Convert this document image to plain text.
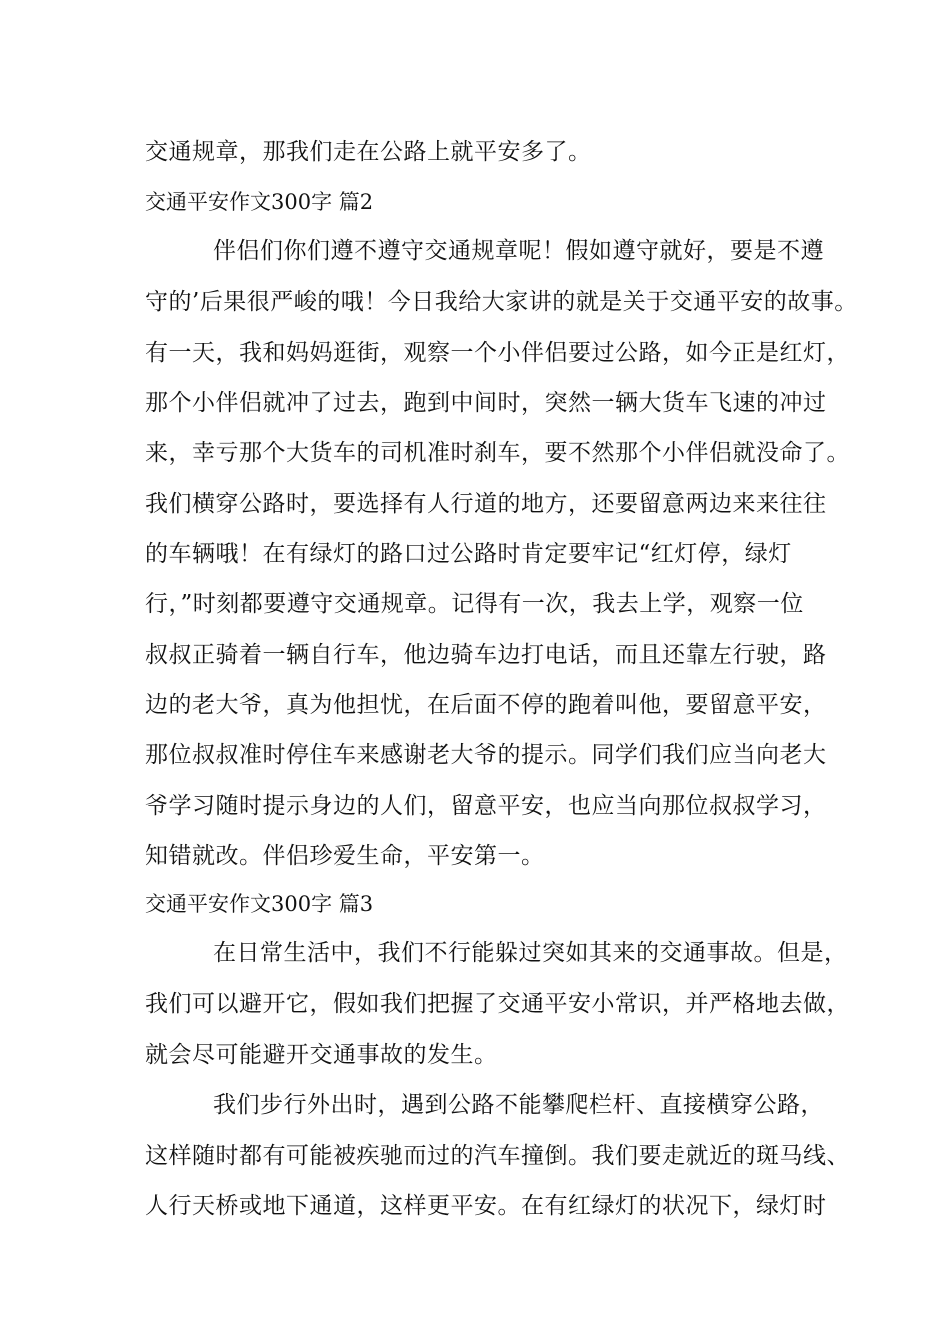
交通规章，那我们走在公路上就平安多了。
交通平安作文300字 篇2
伴侣们你们遵不遵守交通规章呢！假如遵守就好，要是不遵
守的’后果很严峻的哦！今日我给大家讲的就是关于交通平安的故事。
有一天，我和妈妈逛街，观察一个小伴侣要过公路，如今正是红灯，
那个小伴侣就冲了过去，跑到中间时，突然一辆大货车飞速的冲过
来，幸亏那个大货车的司机准时刹车，要不然那个小伴侣就没命了。
我们横穿公路时，要选择有人行道的地方，还要留意两边来来往往
的车辆哦！在有绿灯的路口过公路时肯定要牢记“红灯停，绿灯
行，”时刻都要遵守交通规章。记得有一次，我去上学，观察一位
叔叔正骑着一辆自行车，他边骑车边打电话，而且还靠左行驶，路
边的老大爷，真为他担忧，在后面不停的跑着叫他，要留意平安，
那位叔叔准时停住车来感谢老大爷的提示。同学们我们应当向老大
爷学习随时提示身边的人们，留意平安，也应当向那位叔叔学习，
知错就改。伴侣珍爱生命，平安第一。
交通平安作文300字 篇3
在日常生活中，我们不行能躲过突如其来的交通事故。但是，
我们可以避开它，假如我们把握了交通平安小常识，并严格地去做，
就会尽可能避开交通事故的发生。
我们步行外出时，遇到公路不能攀爬栏杆、直接横穿公路，
这样随时都有可能被疾驰而过的汽车撞倒。我们要走就近的斑马线、
人行天桥或地下通道，这样更平安。在有红绿灯的状况下，绿灯时
